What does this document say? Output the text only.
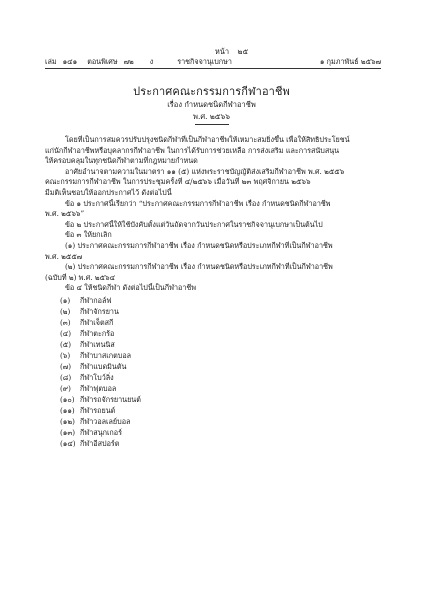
หน้า ๒๕
เล่ม ๑๔๑ ตอนพิเศษ ๗๒ ง	ราชกิจจานุเบกษา	๑ กุมภาพันธ์ ๒๕๖๗
ประกาศคณะกรรมการกีฬาอาชีพ
เรื่อง กำหนดชนิดกีฬาอาชีพ
พ.ศ. ๒๕๖๖
โดยที่เป็นการสมควรปรับปรุงชนิดกีฬาที่เป็นกีฬาอาชีพให้เหมาะสมยิ่งขึ้น เพื่อให้สิทธิประโยชน์
แก่นักกีฬาอาชีพหรือบุคลากรกีฬาอาชีพ ในการได้รับการช่วยเหลือ การส่งเสริม และการสนับสนุน
ให้ครอบคลุมในทุกชนิดกีฬาตามที่กฎหมายกำหนด
อาศัยอำนาจตามความในมาตรา ๑๑ (๕) แห่งพระราชบัญญัติส่งเสริมกีฬาอาชีพ พ.ศ. ๒๕๕๖
คณะกรรมการกีฬาอาชีพ ในการประชุมครั้งที่ ๔/๒๕๖๖ เมื่อวันที่ ๒๓ พฤศจิกายน ๒๕๖๖
มีมติเห็นชอบให้ออกประกาศไว้ ดังต่อไปนี้
ข้อ ๑ ประกาศนี้เรียกว่า “ประกาศคณะกรรมการกีฬาอาชีพ เรื่อง กำหนดชนิดกีฬาอาชีพ
พ.ศ. ๒๕๖๖”
ข้อ ๒ ประกาศนี้ให้ใช้บังคับตั้งแต่วันถัดจากวันประกาศในราชกิจจานุเบกษาเป็นต้นไป
ข้อ ๓ ให้ยกเลิก
(๑) ประกาศคณะกรรมการกีฬาอาชีพ เรื่อง กำหนดชนิดหรือประเภทกีฬาที่เป็นกีฬาอาชีพ
พ.ศ. ๒๕๕๗
(๒) ประกาศคณะกรรมการกีฬาอาชีพ เรื่อง กำหนดชนิดหรือประเภทกีฬาที่เป็นกีฬาอาชีพ
(ฉบับที่ ๒) พ.ศ. ๒๕๖๔
ข้อ ๔ ให้ชนิดกีฬา ดังต่อไปนี้เป็นกีฬาอาชีพ
(๑) กีฬากอล์ฟ
(๒) กีฬาจักรยาน
(๓) กีฬาเจ็ตสกี
(๔) กีฬาตะกร้อ
(๕) กีฬาเทนนิส
(๖) กีฬาบาสเกตบอล
(๗) กีฬาแบดมินตัน
(๘) กีฬาโบว์ลิ่ง
(๙) กีฬาฟุตบอล
(๑๐) กีฬารถจักรยานยนต์
(๑๑) กีฬารถยนต์
(๑๒) กีฬาวอลเลย์บอล
(๑๓) กีฬาสนุกเกอร์
(๑๔) กีฬาอีสปอร์ต
